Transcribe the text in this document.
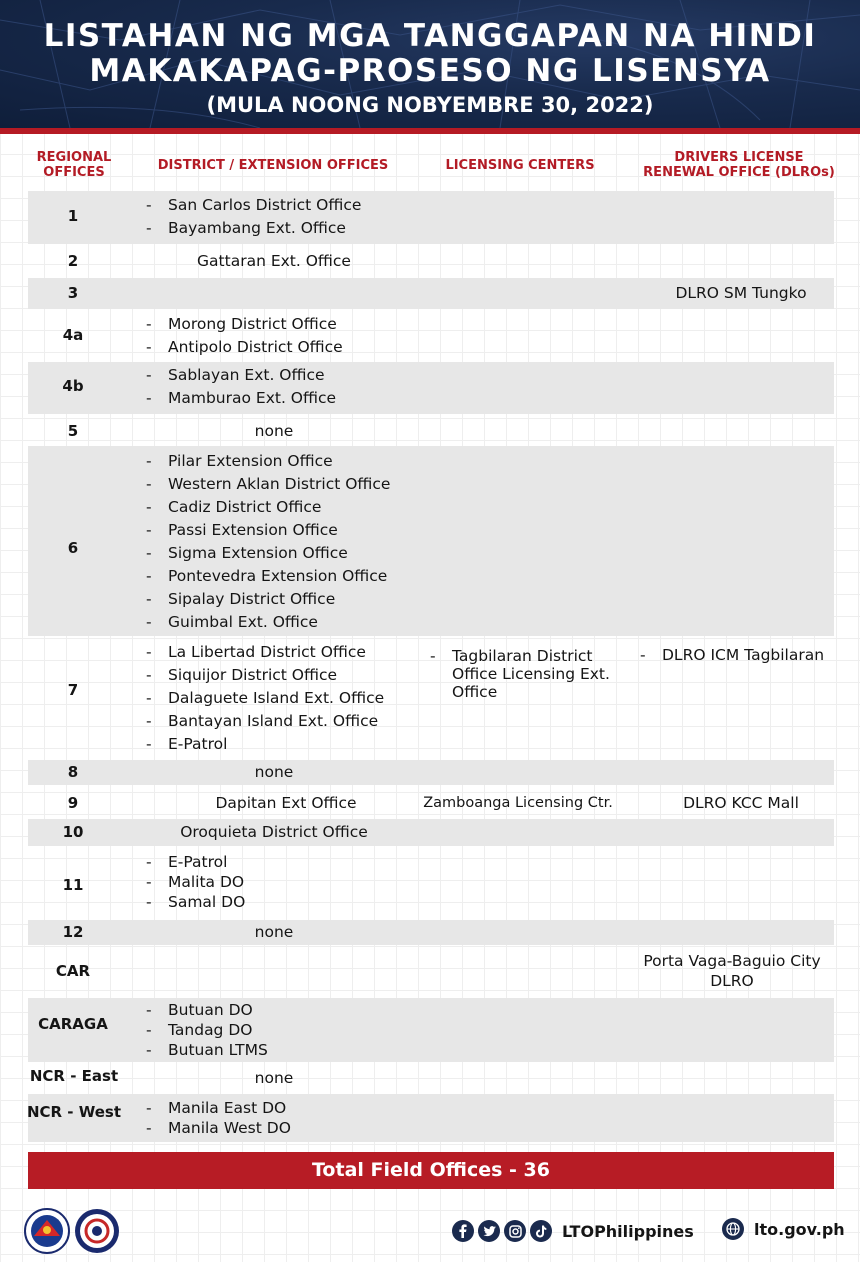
LISTAHAN NG MGA TANGGAPAN NA HINDI
MAKAKAPAG-PROSESO NG LISENSYA
(MULA NOONG NOBYEMBRE 30, 2022)
REGIONAL
OFFICES	DISTRICT / EXTENSION OFFICES	LICENSING CENTERS
DRIVERS LICENSE
RENEWAL OFFICE (DLROs)
1
- San Carlos District Office
- Bayambang Ext. Office
2	Gattaran Ext. Office
3	DLRO SM Tungko
4a
- Morong District Office
- Antipolo District Office
4b
- Sablayan Ext. Office
- Mamburao Ext. Office
5	none
6
- Pilar Extension Office
- Western Aklan District Office
- Cadiz District Office
- Passi Extension Office
- Sigma Extension Office
- Pontevedra Extension Office
- Sipalay District Office
- Guimbal Ext. Office
7
- La Libertad District Office
- Siquijor District Office
- Dalaguete Island Ext. Office
- Bantayan Island Ext. Office
- E-Patrol
- Tagbilaran District Office Licensing Ext. Office
- DLRO ICM Tagbilaran
8	none
9	Dapitan Ext Office	Zamboanga Licensing Ctr.	DLRO KCC Mall
10	Oroquieta District Office
11
- E-Patrol
- Malita DO
- Samal DO
12	none
CAR
Porta Vaga-Baguio City DLRO
CARAGA
- Butuan DO
- Tandag DO
- Butuan LTMS
NCR - East	none
NCR - West
-	Manila East DO
- Manila West DO
Total Field Offices - 36
LTOPhilippines	lto.gov.ph
